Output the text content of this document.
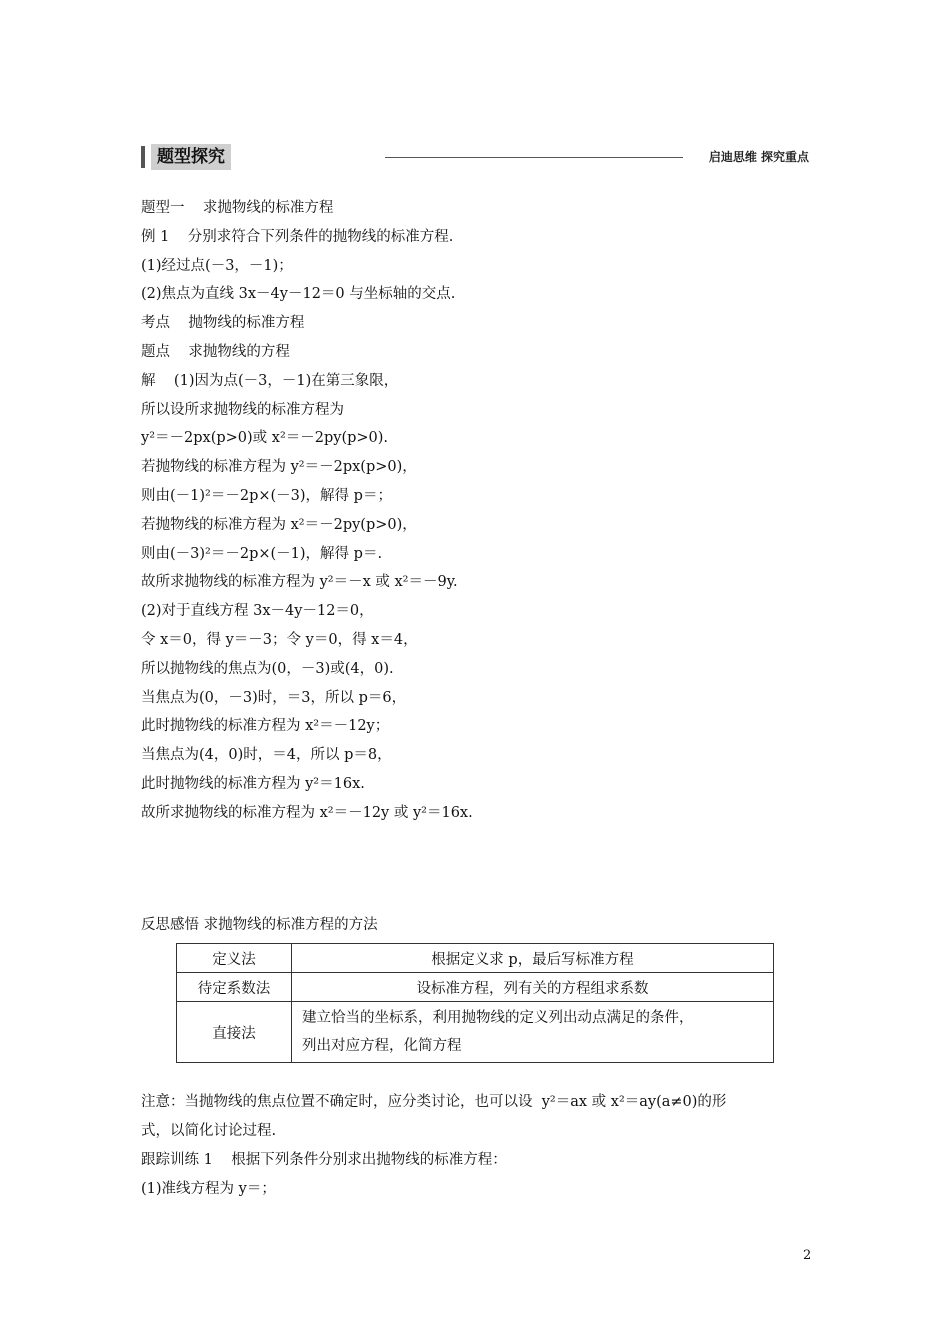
题型探究	启迪思维 探究重点
题型一    求抛物线的标准方程
例 1    分别求符合下列条件的抛物线的标准方程.
(1)经过点(－3，－1)；
(2)焦点为直线 3x－4y－12＝0 与坐标轴的交点.
考点    抛物线的标准方程
题点    求抛物线的方程
解    (1)因为点(－3，－1)在第三象限，
所以设所求抛物线的标准方程为
y²＝－2px(p>0)或 x²＝－2py(p>0).
若抛物线的标准方程为 y²＝－2px(p>0)，
则由(－1)²＝－2p×(－3)，解得 p＝；
若抛物线的标准方程为 x²＝－2py(p>0)，
则由(－3)²＝－2p×(－1)，解得 p＝.
故所求抛物线的标准方程为 y²＝－x 或 x²＝－9y.
(2)对于直线方程 3x－4y－12＝0，
令 x＝0，得 y＝－3；令 y＝0，得 x＝4，
所以抛物线的焦点为(0，－3)或(4，0).
当焦点为(0，－3)时，＝3，所以 p＝6，
此时抛物线的标准方程为 x²＝－12y；
当焦点为(4，0)时，＝4，所以 p＝8，
此时抛物线的标准方程为 y²＝16x.
故所求抛物线的标准方程为 x²＝－12y 或 y²＝16x.
反思感悟 求抛物线的标准方程的方法
定义法	根据定义求 p，最后写标准方程
待定系数法	设标准方程，列有关的方程组求系数
直接法	建立恰当的坐标系，利用抛物线的定义列出动点满足的条件，
列出对应方程，化简方程
注意：当抛物线的焦点位置不确定时，应分类讨论，也可以设  y²＝ax 或 x²＝ay(a≠0)的形
式，以简化讨论过程.
跟踪训练 1    根据下列条件分别求出抛物线的标准方程：
(1)准线方程为 y＝；
2
